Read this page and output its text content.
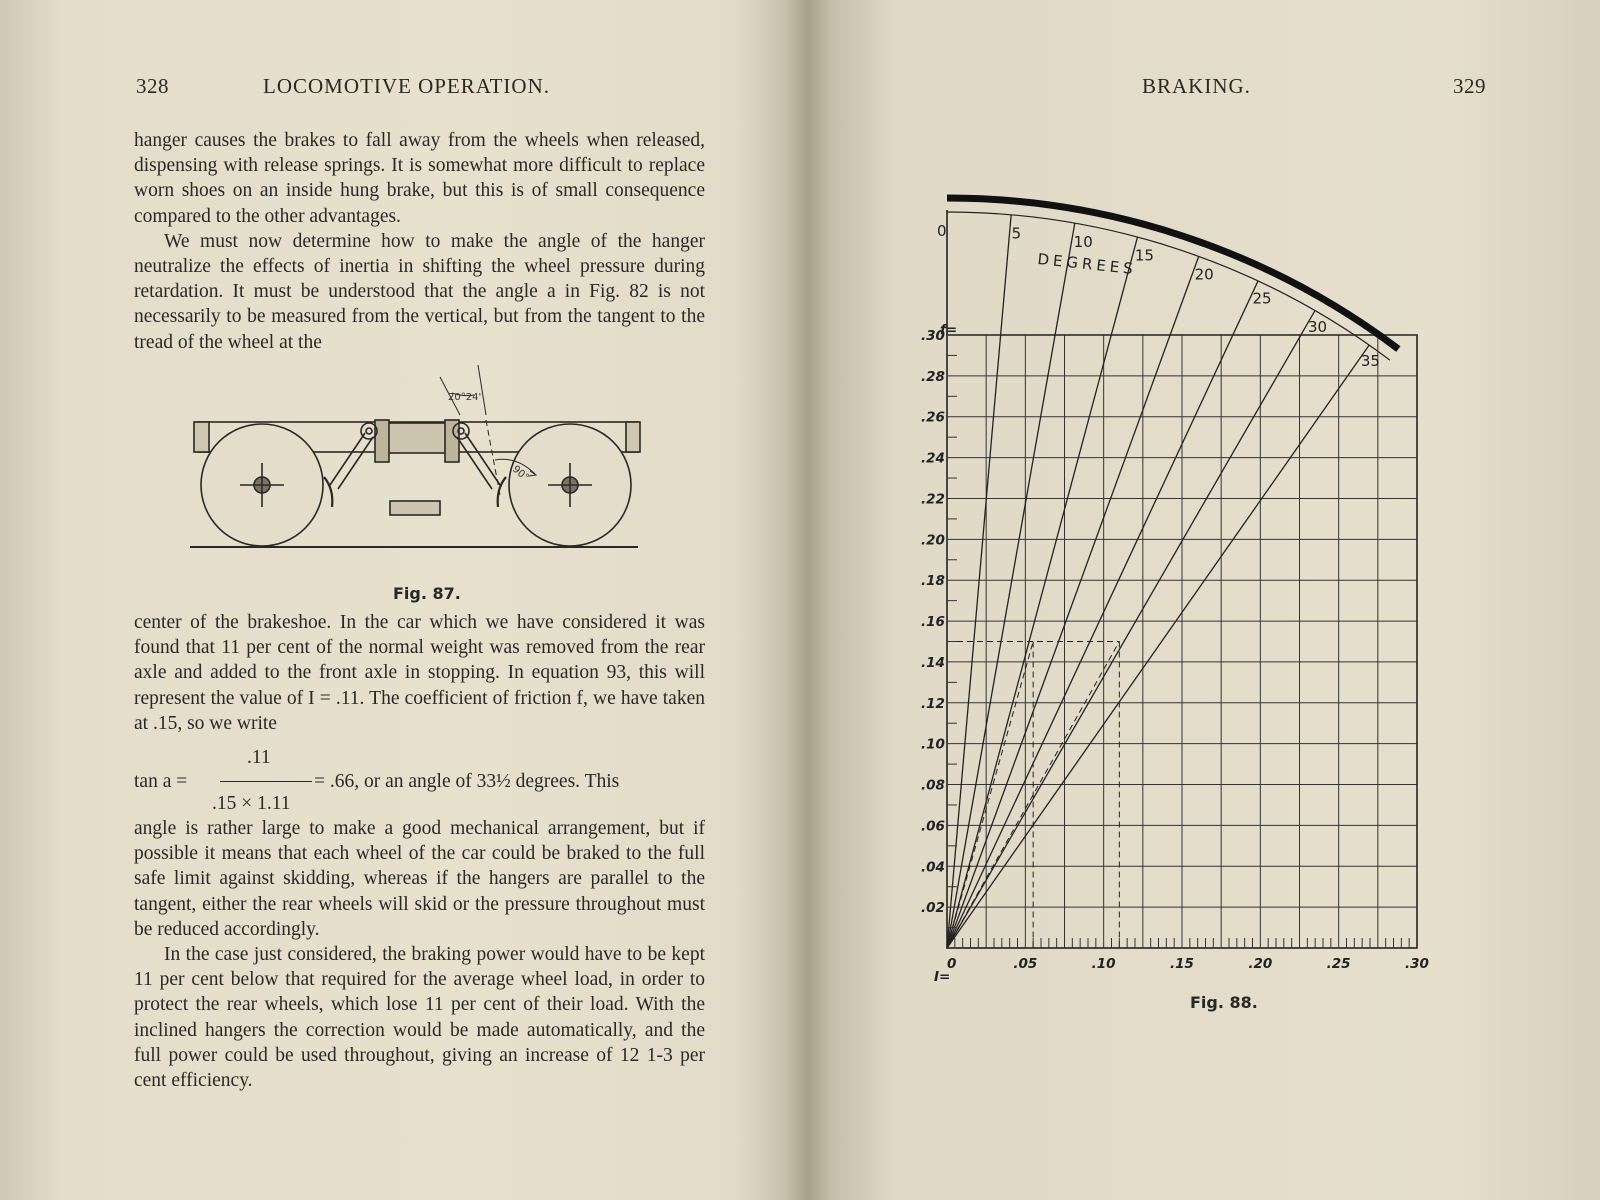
328	LOCOMOTIVE OPERATION.

hanger causes the brakes to fall away from the wheels when released, dispensing with release springs. It is somewhat more difficult to replace worn shoes on an inside hung brake, but this is of small consequence compared to the other advantages.

We must now determine how to make the angle of the hanger neutralize the effects of inertia in shifting the wheel pressure during retardation. It must be understood that the angle a in Fig. 82 is not necessarily to be measured from the vertical, but from the tangent to the tread of the wheel at the

20°24'
90°
Fig. 87.

center of the brakeshoe. In the car which we have considered it was found that 11 per cent of the normal weight was removed from the rear axle and added to the front axle in stopping. In equation 93, this will represent the value of I = .11. The coefficient of friction f, we have taken at .15, so we write

.11
tan a =	= .66, or an angle of 33½ degrees. This
.15 × 1.11

angle is rather large to make a good mechanical arrangement, but if possible it means that each wheel of the car could be braked to the full safe limit against skidding, whereas if the hangers are parallel to the tangent, either the rear wheels will skid or the pressure throughout must be reduced accordingly.

In the case just considered, the braking power would have to be kept 11 per cent below that required for the average wheel load, in order to protect the rear wheels, which lose 11 per cent of their load. With the inclined hangers the correction would be made automatically, and the full power could be used throughout, giving an increase of 12 1-3 per cent efficiency.

BRAKING.	329
0	5	10
15
20
25
30
35
.30
.28
.26
.24
.22
.20
.18
.16
.14
.12
.10
.08
.06
.04
.02
0	.05	.10	.15	.20	.25	.30
f=
I=
DEGREES
Fig. 88.
